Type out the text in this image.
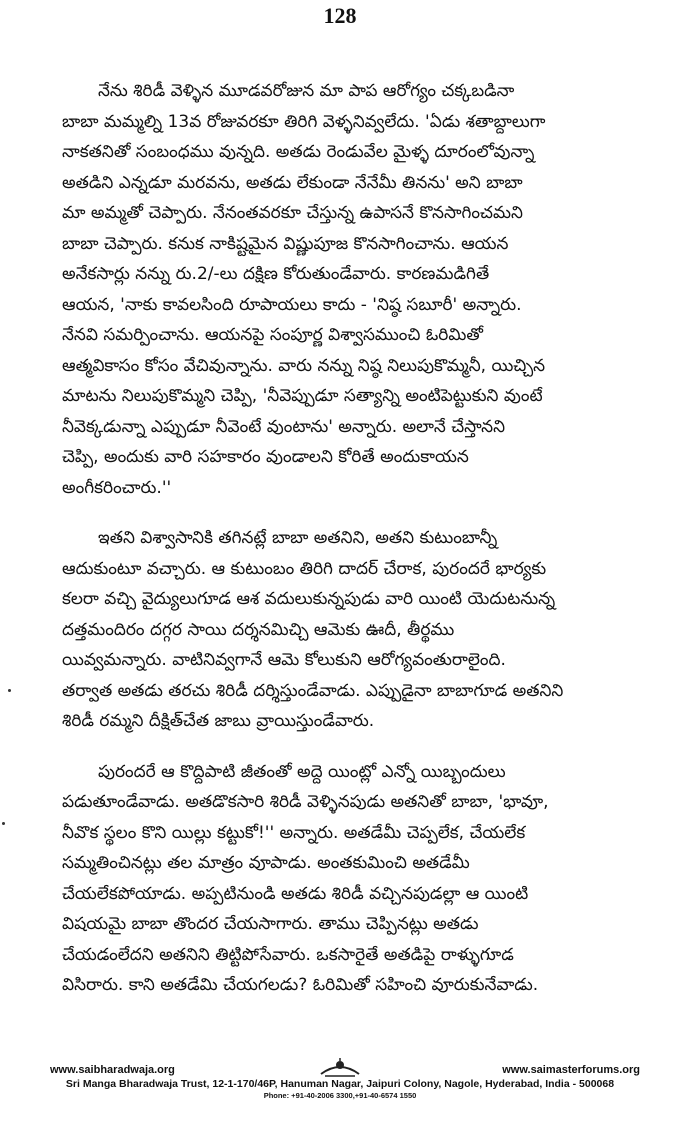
128
నేను శిరిడీ వెళ్ళిన మూడవరోజున మా పాప ఆరోగ్యం చక్కబడినా
బాబా మమ్మల్ని 13వ రోజువరకూ తిరిగి వెళ్ళనివ్వలేదు. 'ఏడు శతాబ్దాలుగా
నాకతనితో సంబంధము వున్నది. అతడు రెండువేల మైళ్ళ దూరంలోవున్నా
అతడిని ఎన్నడూ మరవను, అతడు లేకుండా నేనేమీ తినను' అని బాబా
మా అమ్మతో చెప్పారు. నేనంతవరకూ చేస్తున్న ఉపాసనే కొనసాగించమని
బాబా చెప్పారు. కనుక నాకిష్టమైన విష్ణుపూజ కొనసాగించాను. ఆయన
అనేకసార్లు నన్ను రు.2/-లు దక్షిణ కోరుతుండేవారు. కారణమడిగితే
ఆయన, 'నాకు కావలసింది రూపాయలు కాదు - 'నిష్ఠ సబూరీ' అన్నారు.
నేనవి సమర్పించాను. ఆయనపై సంపూర్ణ విశ్వాసముంచి ఓరిమితో
ఆత్మవికాసం కోసం వేచివున్నాను. వారు నన్ను నిష్ఠ నిలుపుకొమ్మనీ, యిచ్చిన
మాటను నిలుపుకొమ్మని చెప్పి, 'నీవెప్పుడూ సత్యాన్ని అంటిపెట్టుకుని వుంటే
నీవెక్కడున్నా ఎప్పుడూ నీవెంటే వుంటాను' అన్నారు. అలానే చేస్తానని
చెప్పి, అందుకు వారి సహకారం వుండాలని కోరితే అందుకాయన
అంగీకరించారు.''
ఇతని విశ్వాసానికి తగినట్లే బాబా అతనిని, అతని కుటుంబాన్నీ
ఆదుకుంటూ వచ్చారు. ఆ కుటుంబం తిరిగి దాదర్ చేరాక, పురందరే భార్యకు
కలరా వచ్చి వైద్యులుగూడ ఆశ వదులుకున్నపుడు వారి యింటి యెదుటనున్న
దత్తమందిరం దగ్గర సాయి దర్శనమిచ్చి ఆమెకు ఊదీ, తీర్థము
యివ్వమన్నారు. వాటినివ్వగానే ఆమె కోలుకుని ఆరోగ్యవంతురాలైంది.
తర్వాత అతడు తరచు శిరిడీ దర్శిస్తుండేవాడు. ఎప్పుడైనా బాబాగూడ అతనిని
శిరిడీ రమ్మని దీక్షిత్‌చేత జాబు వ్రాయిస్తుండేవారు.
పురందరే ఆ కొద్దిపాటి జీతంతో అద్దె యింట్లో ఎన్నో యిబ్బందులు
పడుతూండేవాడు. అతడొకసారి శిరిడీ వెళ్ళినపుడు అతనితో బాబా, 'భావూ,
నీవొక స్థలం కొని యిల్లు కట్టుకో!'' అన్నారు. అతడేమీ చెప్పలేక, చేయలేక
సమ్మతించినట్లు తల మాత్రం వూపాడు. అంతకుమించి అతడేమీ
చేయలేకపోయాడు. అప్పటినుండి అతడు శిరిడీ వచ్చినపుడల్లా ఆ యింటి
విషయమై బాబా తొందర చేయసాగారు. తాము చెప్పినట్లు అతడు
చేయడంలేదని అతనిని తిట్టిపోసేవారు. ఒకసారైతే అతడిపై రాళ్ళుగూడ
విసిరారు. కాని అతడేమి చేయగలడు? ఓరిమితో సహించి వూరుకునేవాడు.
www.saibharadwaja.org	www.saimasterforums.org
Sri Manga Bharadwaja Trust, 12-1-170/46P, Hanuman Nagar, Jaipuri Colony, Nagole, Hyderabad, India - 500068
Phone: +91-40-2006 3300,+91-40-6574 1550
